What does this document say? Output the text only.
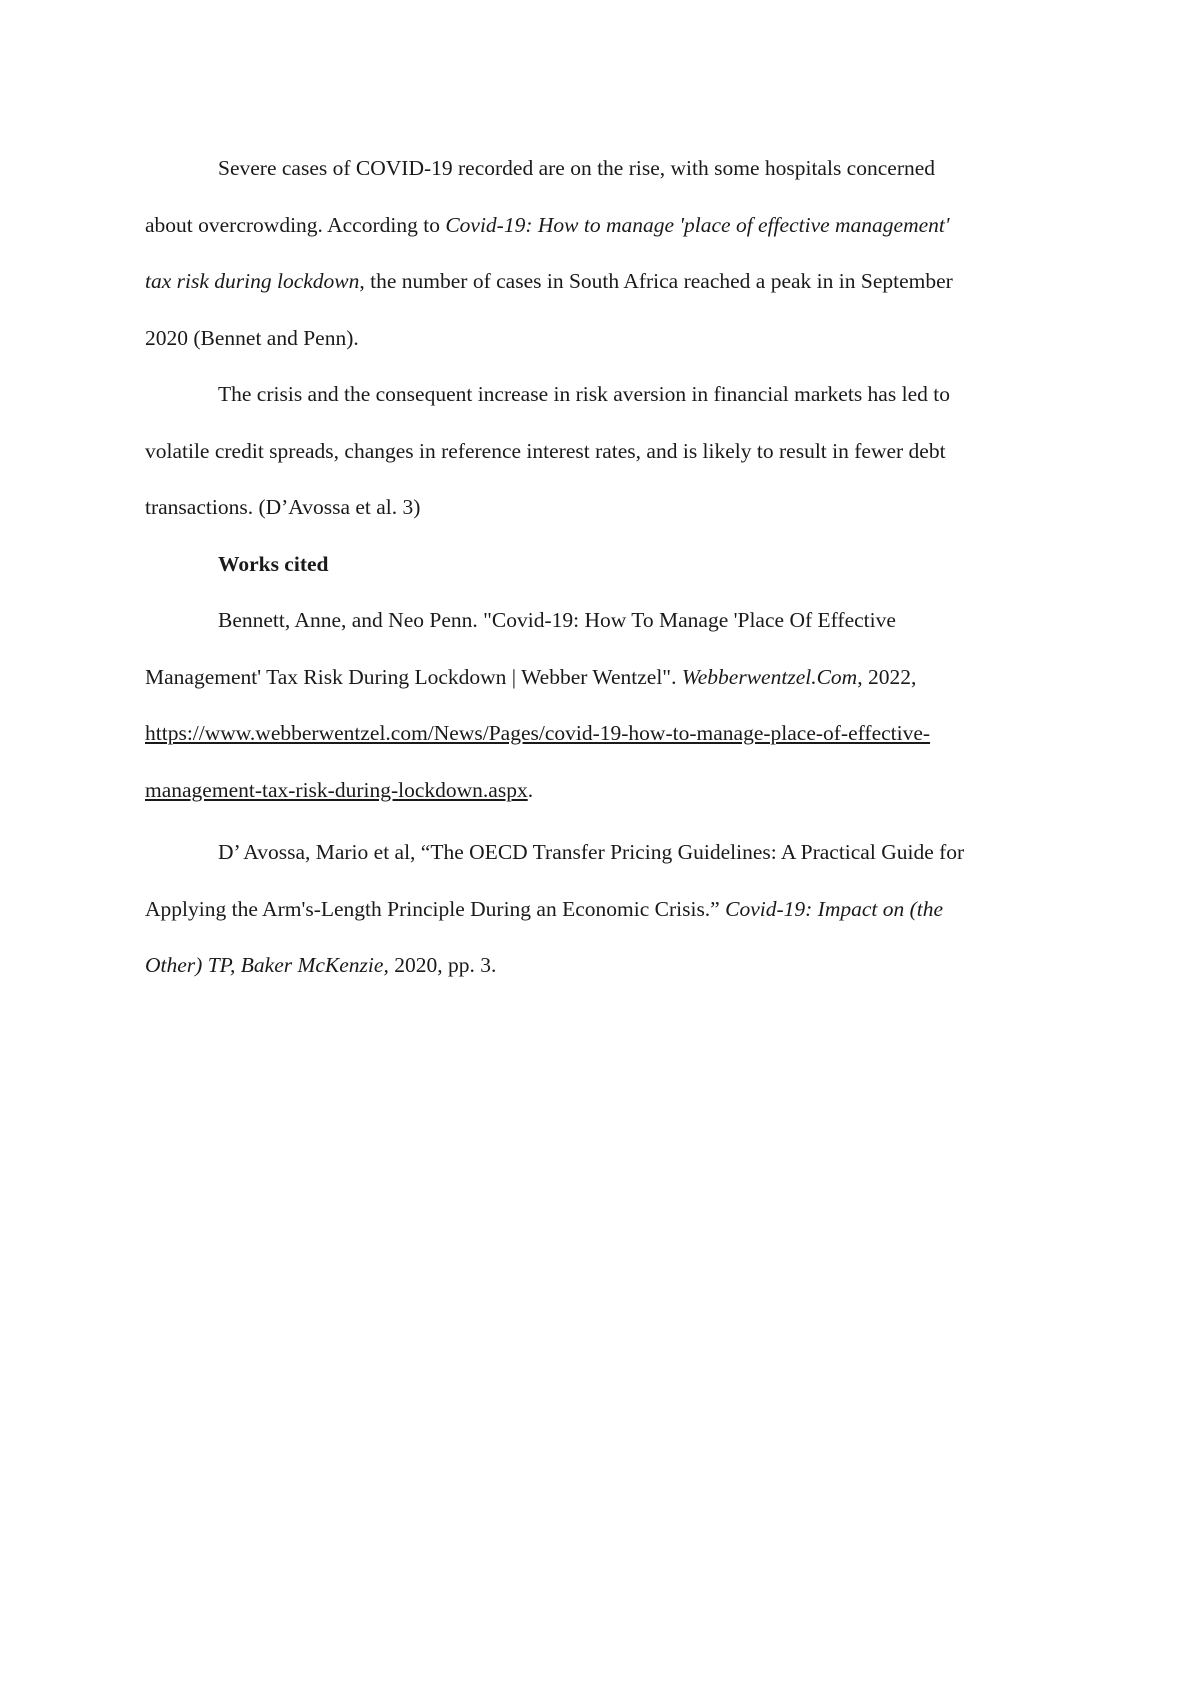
Severe cases of COVID-19 recorded are on the rise, with some hospitals concerned
about overcrowding. According to Covid-19: How to manage 'place of effective management'
tax risk during lockdown, the number of cases in South Africa reached a peak in in September
2020 (Bennet and Penn).
The crisis and the consequent increase in risk aversion in financial markets has led to
volatile credit spreads, changes in reference interest rates, and is likely to result in fewer debt
transactions. (D’Avossa et al. 3)
Works cited
Bennett, Anne, and Neo Penn. "Covid-19: How To Manage 'Place Of Effective
Management' Tax Risk During Lockdown | Webber Wentzel". Webberwentzel.Com, 2022,
https://www.webberwentzel.com/News/Pages/covid-19-how-to-manage-place-of-effective-
management-tax-risk-during-lockdown.aspx.
D’ Avossa, Mario et al, “The OECD Transfer Pricing Guidelines: A Practical Guide for
Applying the Arm's-Length Principle During an Economic Crisis.” Covid-19: Impact on (the
Other) TP, Baker McKenzie, 2020, pp. 3.
